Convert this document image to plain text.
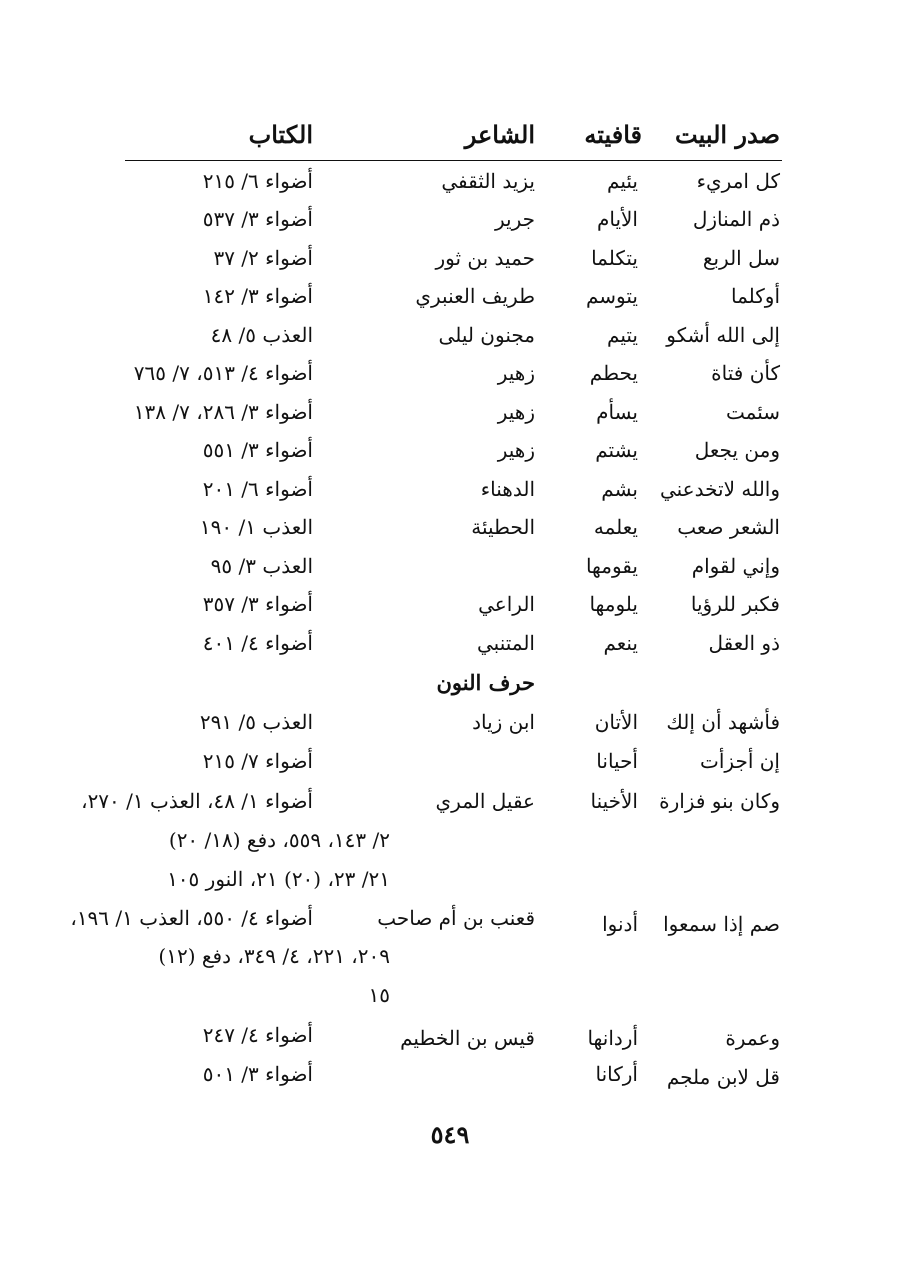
صدر البيت
قافيته
الشاعر
الكتاب
كل امريء
يئيم
يزيد الثقفي
أضواء ٦/ ٢١٥
ذم المنازل
الأيام
جرير
أضواء ٣/ ٥٣٧
سل الربع
يتكلما
حميد بن ثور
أضواء ٢/ ٣٧
أوكلما
يتوسم
طريف العنبري
أضواء ٣/ ١٤٢
إلى الله أشكو
يتيم
مجنون ليلى
العذب ٥/ ٤٨
كأن فتاة
يحطم
زهير
أضواء ٤/ ٥١٣، ٧/ ٧٦٥
سئمت
يسأم
زهير
أضواء ٣/ ٢٨٦، ٧/ ١٣٨
ومن يجعل
يشتم
زهير
أضواء ٣/ ٥٥١
والله لاتخدعني
بشم
الدهناء
أضواء ٦/ ٢٠١
الشعر صعب
يعلمه
الحطيئة
العذب ١/ ١٩٠
وإني لقوام
يقومها
العذب ٣/ ٩٥
فكبر للرؤيا
يلومها
الراعي
أضواء ٣/ ٣٥٧
ذو العقل
ينعم
المتنبي
أضواء ٤/ ٤٠١
حرف النون
فأشهد أن إلك
الأتان
ابن زياد
العذب ٥/ ٢٩١
إن أجزأت
أحيانا
أضواء ٧/ ٢١٥
وكان بنو فزارة
الأخينا
عقيل المري
أضواء ١/ ٤٨، العذب ١/ ٢٧٠،
٢/ ١٤٣، ٥٥٩، دفع (١٨/ ٢٠)
٢١/ ٢٣، (٢٠) ٢١، النور ١٠٥
صم إذا سمعوا
أدنوا
قعنب بن أم صاحب
أضواء ٤/ ٥٥٠، العذب ١/ ١٩٦،
٢٠٩، ٢٢١، ٤/ ٣٤٩، دفع (١٢)
١٥
وعمرة
أردانها
قيس بن الخطيم
أضواء ٤/ ٢٤٧
قل لابن ملجم
أركانا
أضواء ٣/ ٥٠١
٥٤٩
